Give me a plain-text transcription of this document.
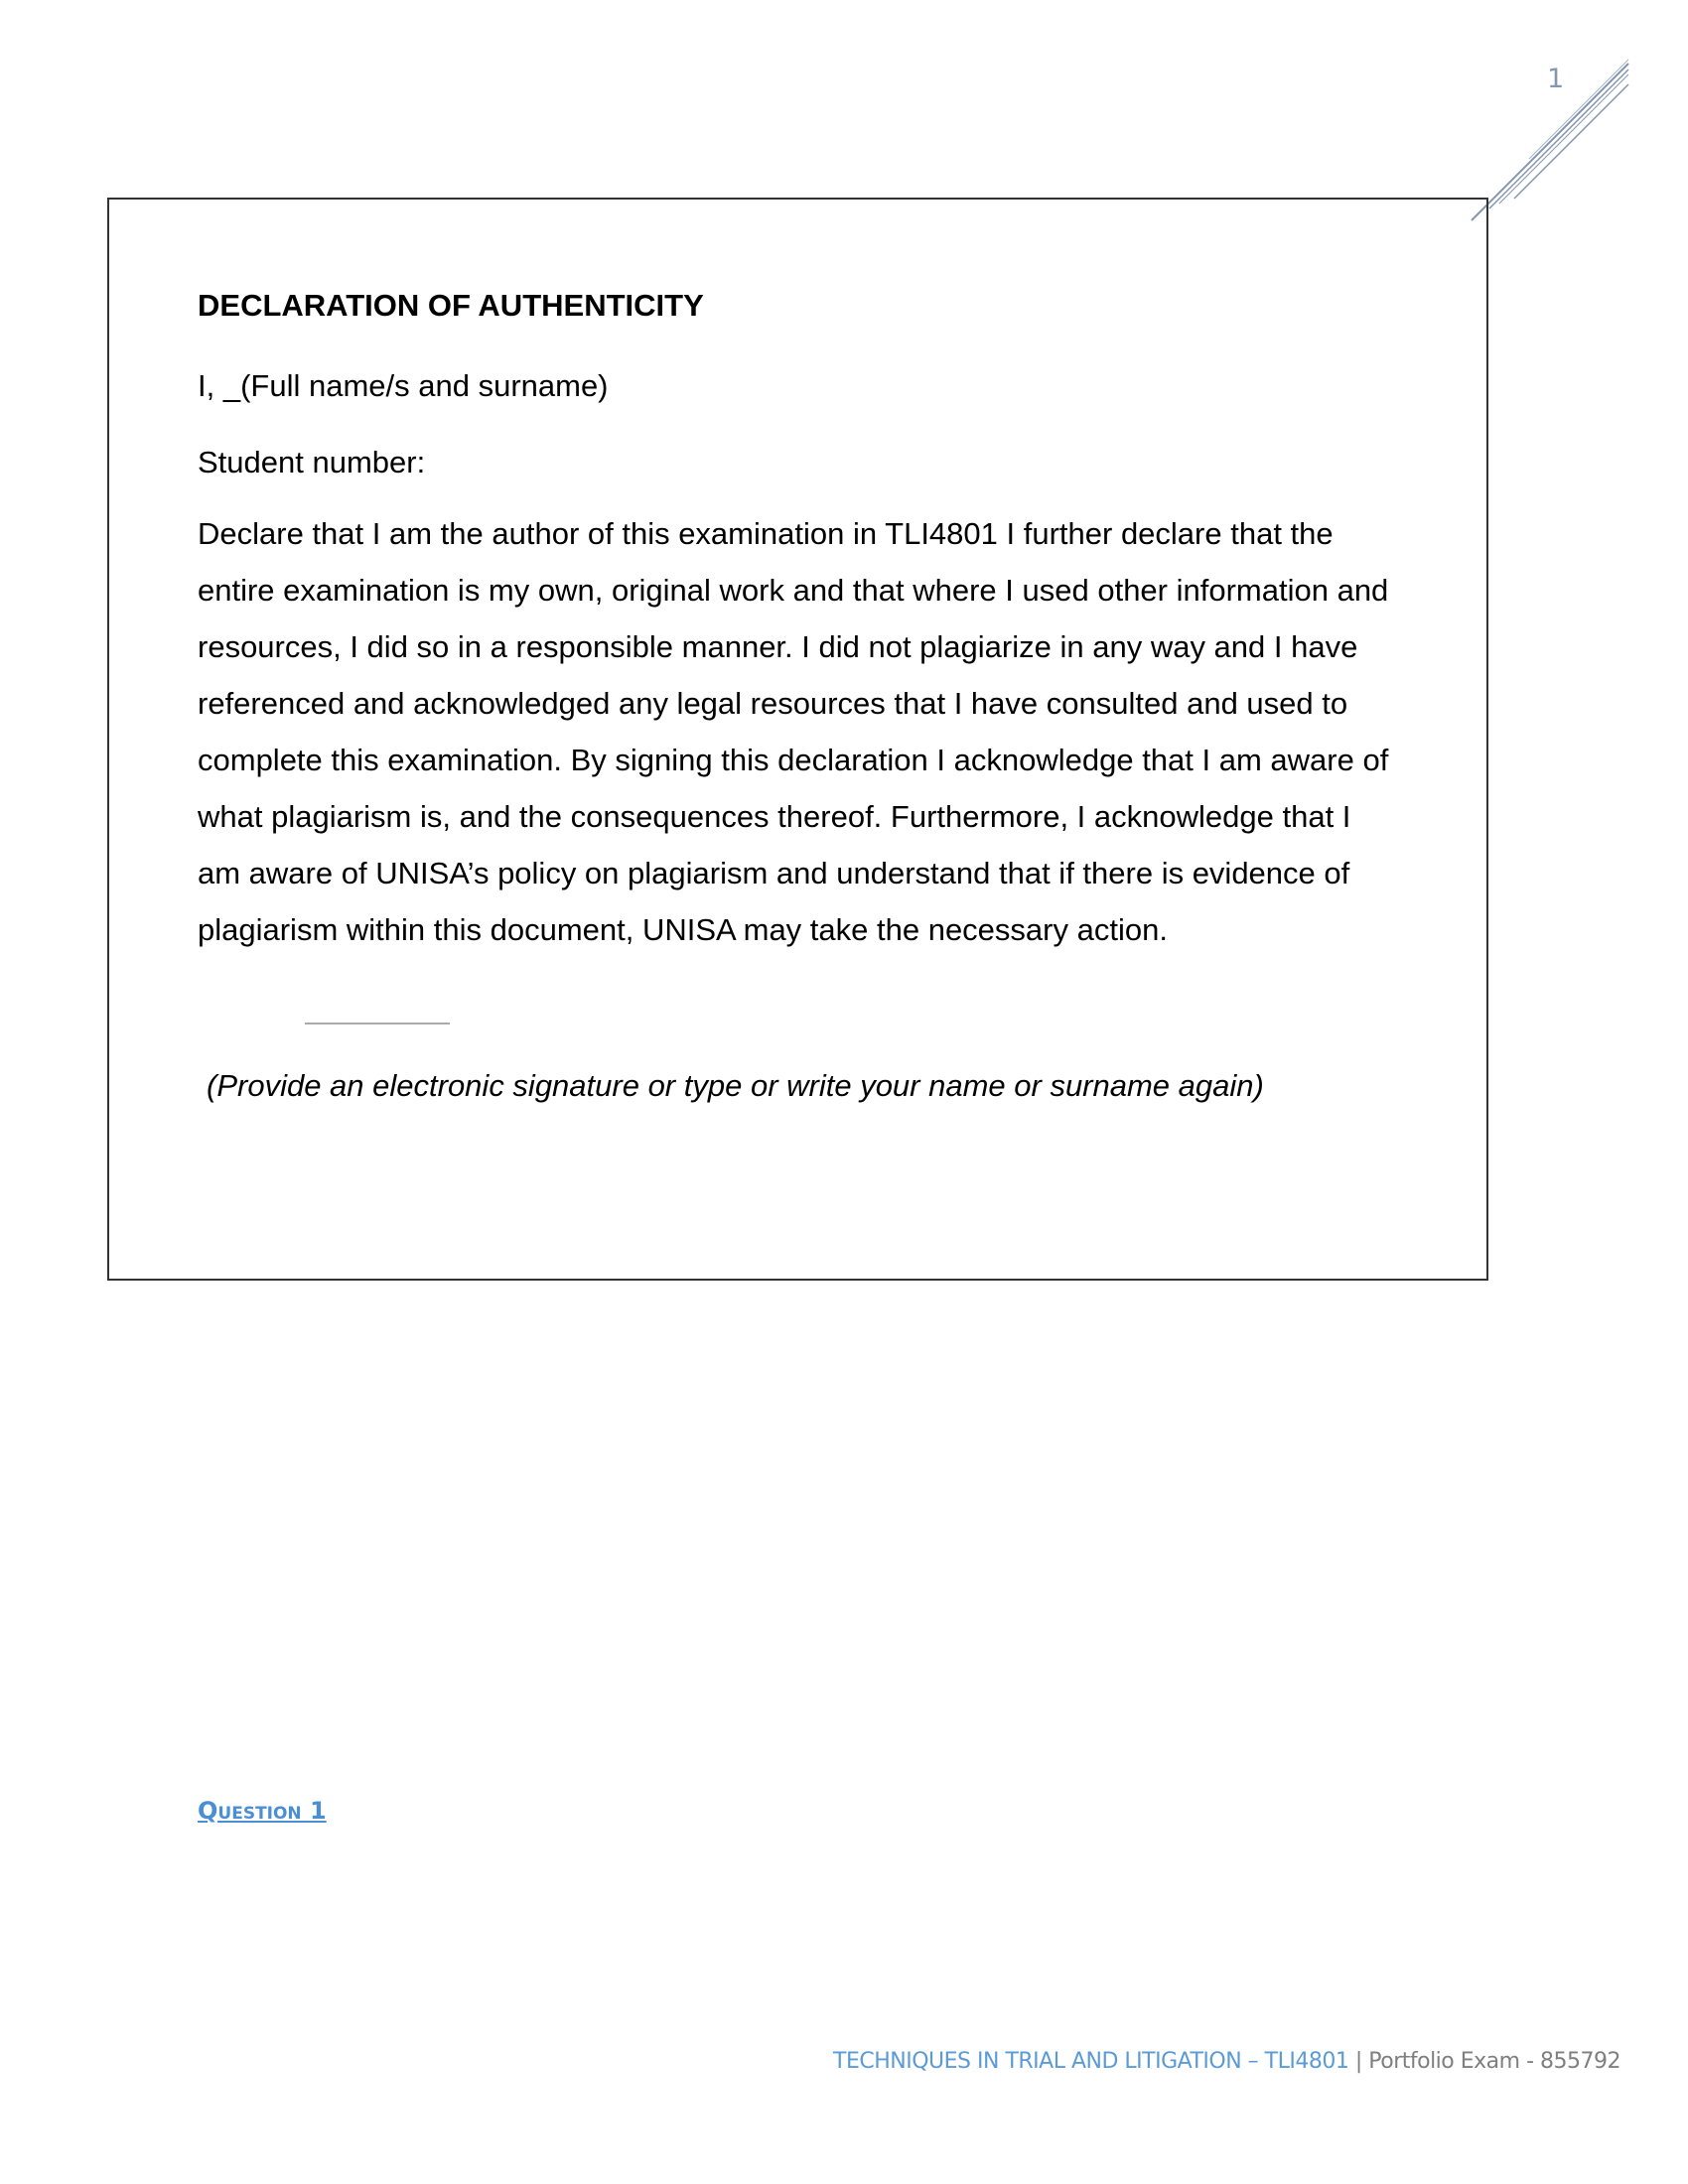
1
DECLARATION OF AUTHENTICITY
I, _(Full name/s and surname)
Student number:
Declare that I am the author of this examination in TLI4801 I further declare that the
entire examination is my own, original work and that where I used other information and
resources, I did so in a responsible manner. I did not plagiarize in any way and I have
referenced and acknowledged any legal resources that I have consulted and used to
complete this examination. By signing this declaration I acknowledge that I am aware of
what plagiarism is, and the consequences thereof. Furthermore, I acknowledge that I
am aware of UNISA’s policy on plagiarism and understand that if there is evidence of
plagiarism within this document, UNISA may take the necessary action.
(Provide an electronic signature or type or write your name or surname again)
Question 1
TECHNIQUES IN TRIAL AND LITIGATION – TLI4801 | Portfolio Exam - 855792
